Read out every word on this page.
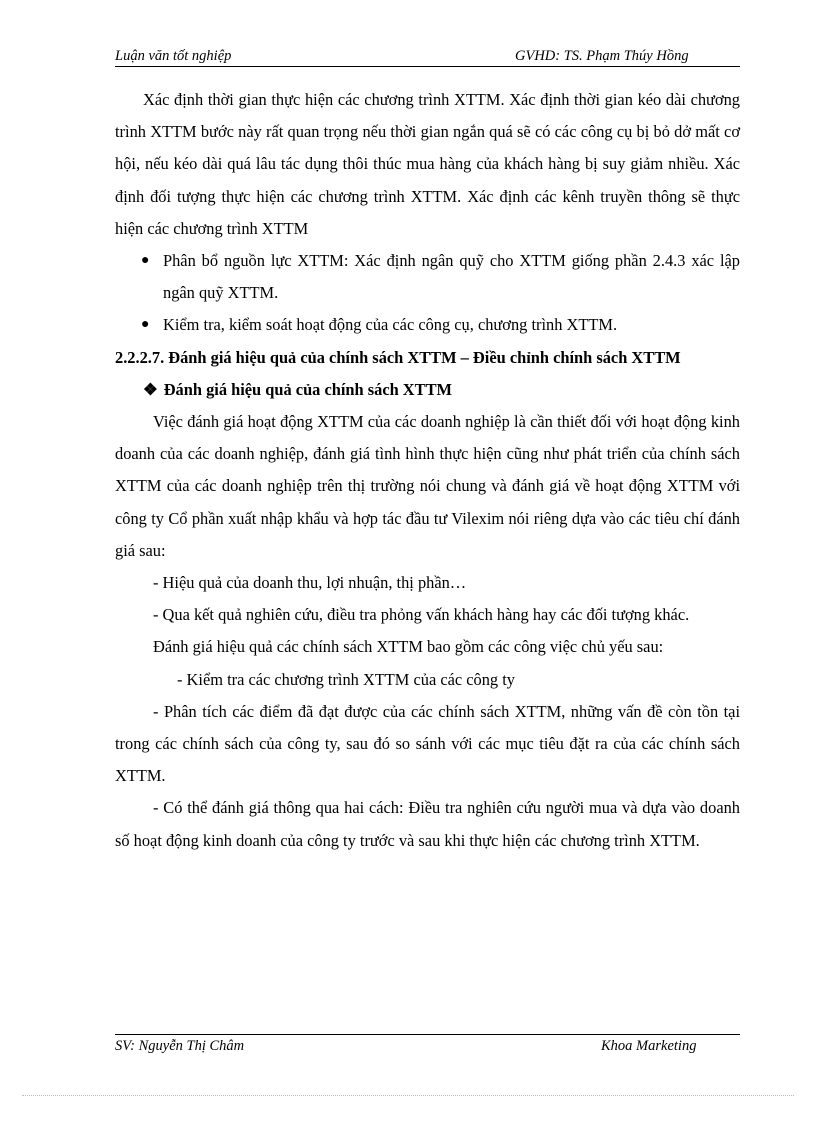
Luận văn tốt nghiệp	GVHD: TS. Phạm Thúy Hồng

Xác định thời gian thực hiện các chương trình XTTM. Xác định thời gian kéo dài chương trình XTTM bước này rất quan trọng nếu thời gian ngắn quá sẽ có các công cụ bị bỏ dở mất cơ hội, nếu kéo dài quá lâu tác dụng thôi thúc mua hàng của khách hàng bị suy giảm nhiều. Xác định đối tượng thực hiện các chương trình XTTM. Xác định các kênh truyền thông sẽ thực hiện các chương trình XTTM

● Phân bổ nguồn lực XTTM: Xác định ngân quỹ cho XTTM giống phần 2.4.3 xác lập ngân quỹ XTTM.
● Kiểm tra, kiểm soát hoạt động của các công cụ, chương trình XTTM.

2.2.2.7. Đánh giá hiệu quả của chính sách XTTM – Điều chỉnh chính sách XTTM

❖ Đánh giá hiệu quả của chính sách XTTM

Việc đánh giá hoạt động XTTM của các doanh nghiệp là cần thiết đối với hoạt động kinh doanh của các doanh nghiệp, đánh giá tình hình thực hiện cũng như phát triển của chính sách XTTM của các doanh nghiệp trên thị trường nói chung và đánh giá về hoạt động XTTM với công ty Cổ phần xuất nhập khẩu và hợp tác đầu tư Vilexim nói riêng dựa vào các tiêu chí đánh giá sau:

- Hiệu quả của doanh thu, lợi nhuận, thị phần…

- Qua kết quả nghiên cứu, điều tra phỏng vấn khách hàng hay các đối tượng khác.

Đánh giá hiệu quả các chính sách XTTM bao gồm các công việc chủ yếu sau:

- Kiểm tra các chương trình XTTM của các công ty

- Phân tích các điểm đã đạt được của các chính sách XTTM, những vấn đề còn tồn tại trong các chính sách của công ty, sau đó so sánh với các mục tiêu đặt ra của các chính sách XTTM.

- Có thể đánh giá thông qua hai cách: Điều tra nghiên cứu người mua và dựa vào doanh số hoạt động kinh doanh của công ty trước và sau khi thực hiện các chương trình XTTM.

SV: Nguyễn Thị Châm	Khoa Marketing
